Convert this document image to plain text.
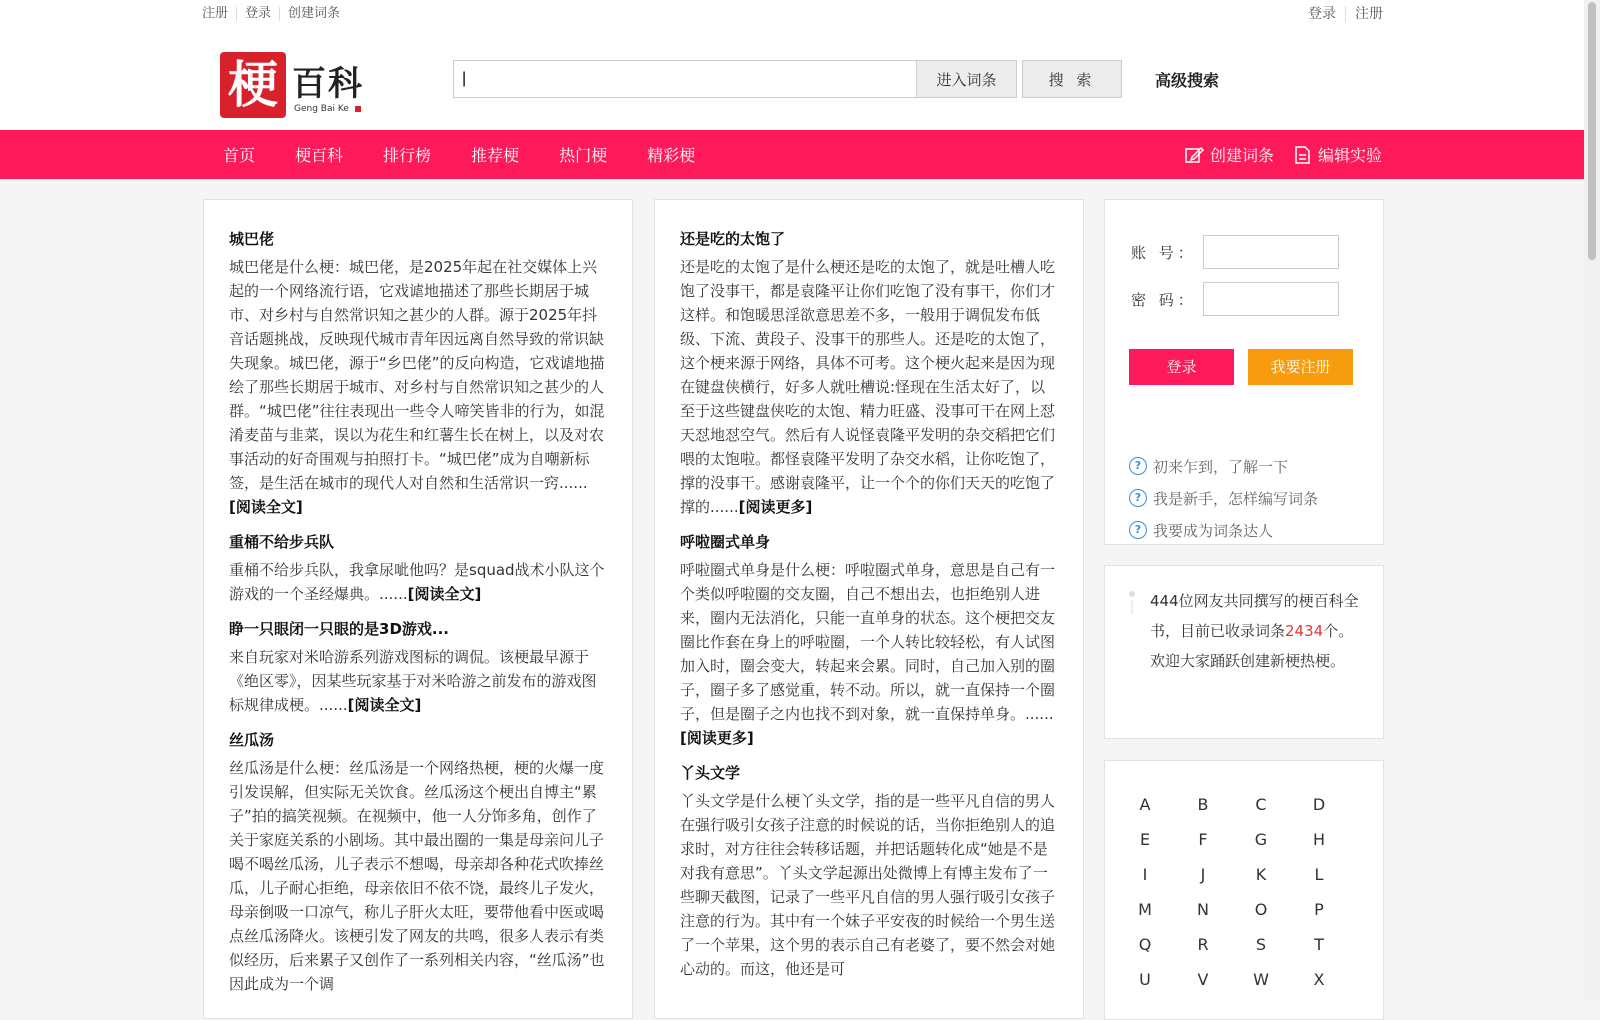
注册	登录	创建词条	登录	注册
梗 百科
Geng Bai Ke
|
进入词条	搜 索	高级搜索
首页	梗百科	排行榜	推荐梗	热门梗	精彩梗	创建词条	编辑实验
城巴佬

城巴佬是什么梗：城巴佬，是2025年起在社交媒体上兴起的一个网络流行语，它戏谑地描述了那些长期居于城市、对乡村与自然常识知之甚少的人群。源于2025年抖音话题挑战，反映现代城市青年因远离自然导致的常识缺失现象。城巴佬，源于“乡巴佬”的反向构造，它戏谑地描绘了那些长期居于城市、对乡村与自然常识知之甚少的人群。“城巴佬”往往表现出一些令人啼笑皆非的行为，如混淆麦苗与韭菜，误以为花生和红薯生长在树上，以及对农事活动的好奇围观与拍照打卡。“城巴佬”成为自嘲新标签，是生活在城市的现代人对自然和生活常识一窍......[阅读全文]

重桶不给步兵队

重桶不给步兵队，我拿尿呲他吗？是squad战术小队这个游戏的一个圣经爆典。......[阅读全文]

睁一只眼闭一只眼的是3D游戏...

来自玩家对米哈游系列游戏图标的调侃。该梗最早源于《绝区零》，因某些玩家基于对米哈游之前发布的游戏图标规律成梗。......[阅读全文]

丝瓜汤

丝瓜汤是什么梗：丝瓜汤是一个网络热梗，梗的火爆一度引发误解，但实际无关饮食。丝瓜汤这个梗出自博主“累子”拍的搞笑视频。在视频中，他一人分饰多角，创作了关于家庭关系的小剧场。其中最出圈的一集是母亲问儿子喝不喝丝瓜汤，儿子表示不想喝，母亲却各种花式吹捧丝瓜，儿子耐心拒绝，母亲依旧不依不饶，最终儿子发火，母亲倒吸一口凉气，称儿子肝火太旺，要带他看中医或喝点丝瓜汤降火。该梗引发了网友的共鸣，很多人表示有类似经历，后来累子又创作了一系列相关内容，“丝瓜汤”也因此成为一个调

还是吃的太饱了

还是吃的太饱了是什么梗还是吃的太饱了，就是吐槽人吃饱了没事干，都是袁隆平让你们吃饱了没有事干，你们才这样。和饱暖思淫欲意思差不多，一般用于调侃发布低级、下流、黄段子、没事干的那些人。还是吃的太饱了，这个梗来源于网络，具体不可考。这个梗火起来是因为现在键盘侠横行，好多人就吐槽说:怪现在生活太好了，以至于这些键盘侠吃的太饱、精力旺盛、没事可干在网上怼天怼地怼空气。然后有人说怪袁隆平发明的杂交稻把它们喂的太饱啦。都怪袁隆平发明了杂交水稻，让你吃饱了，撑的没事干。感谢袁隆平，让一个个的你们天天的吃饱了撑的......[阅读更多]

呼啦圈式单身

呼啦圈式单身是什么梗：呼啦圈式单身，意思是自己有一个类似呼啦圈的交友圈，自己不想出去，也拒绝别人进来，圈内无法消化，只能一直单身的状态。这个梗把交友圈比作套在身上的呼啦圈，一个人转比较轻松，有人试图加入时，圈会变大，转起来会累。同时，自己加入别的圈子，圈子多了感觉重，转不动。所以，就一直保持一个圈子，但是圈子之内也找不到对象，就一直保持单身。......[阅读更多]

丫头文学

丫头文学是什么梗丫头文学，指的是一些平凡自信的男人在强行吸引女孩子注意的时候说的话，当你拒绝别人的追求时，对方往往会转移话题，并把话题转化成“她是不是对我有意思”。丫头文学起源出处微博上有博主发布了一些聊天截图，记录了一些平凡自信的男人强行吸引女孩子注意的行为。其中有一个妹子平安夜的时候给一个男生送了一个苹果，这个男的表示自己有老婆了，要不然会对她心动的。而这，他还是可

账 号：
密 码：
登录	我要注册
? 初来乍到，了解一下
? 我是新手，怎样编写词条
? 我要成为词条达人

444位网友共同撰写的梗百科全书，目前已收录词条2434个。
欢迎大家踊跃创建新梗热梗。

A	B	C	D
E	F	G	H
I	J	K	L
M	N	O	P
Q	R	S	T
U	V	W	X
